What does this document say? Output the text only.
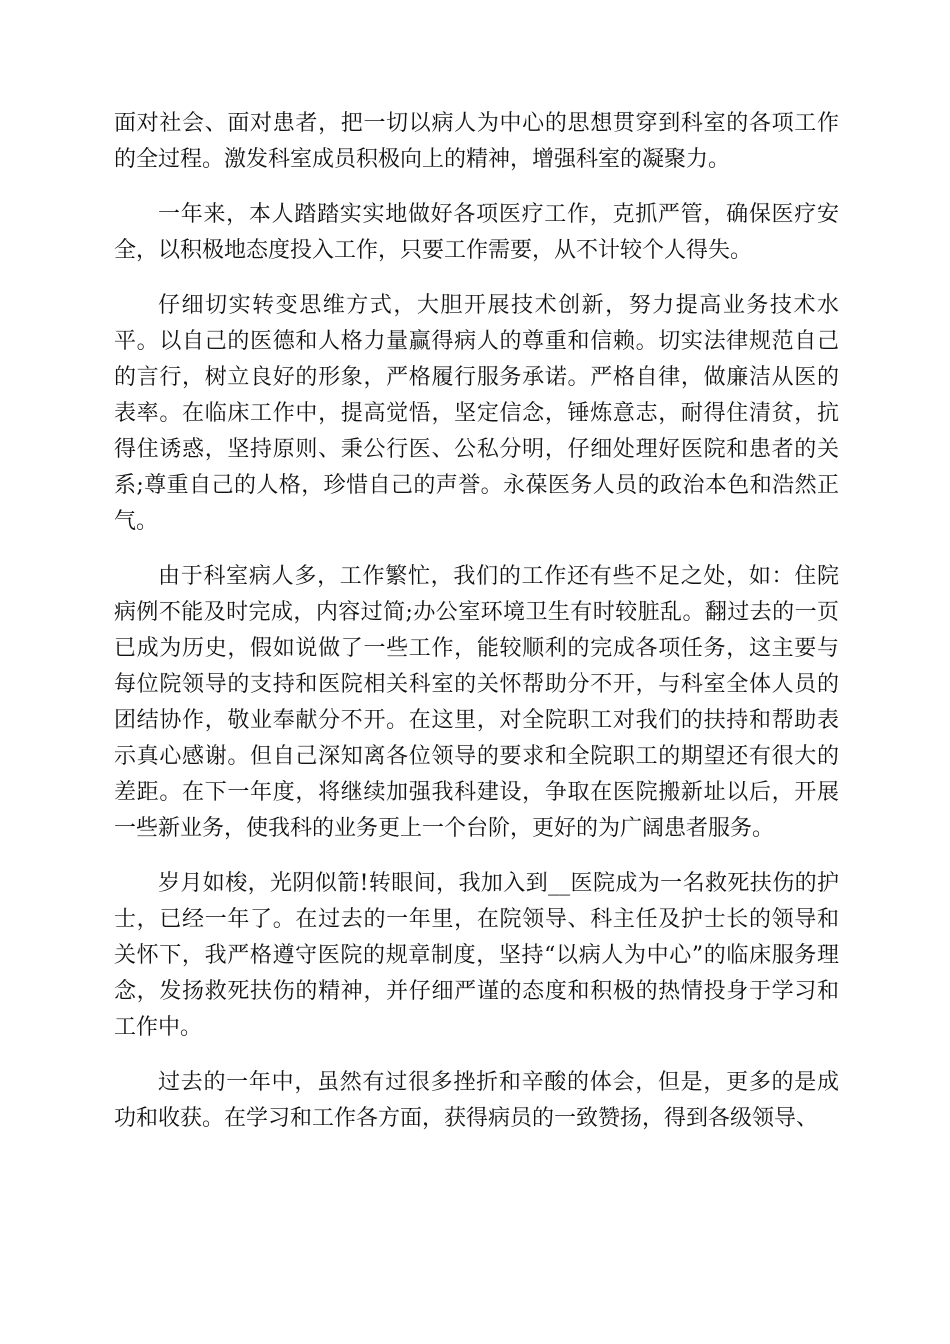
面对社会、面对患者，把一切以病人为中心的思想贯穿到科室的各项工作的全过程。激发科室成员积极向上的精神，增强科室的凝聚力。

一年来，本人踏踏实实地做好各项医疗工作，克抓严管，确保医疗安全，以积极地态度投入工作，只要工作需要，从不计较个人得失。

仔细切实转变思维方式，大胆开展技术创新，努力提高业务技术水平。以自己的医德和人格力量赢得病人的尊重和信赖。切实法律规范自己的言行，树立良好的形象，严格履行服务承诺。严格自律，做廉洁从医的表率。在临床工作中，提高觉悟，坚定信念，锤炼意志，耐得住清贫，抗得住诱惑，坚持原则、秉公行医、公私分明，仔细处理好医院和患者的关系;尊重自己的人格，珍惜自己的声誉。永葆医务人员的政治本色和浩然正气。

由于科室病人多，工作繁忙，我们的工作还有些不足之处，如：住院病例不能及时完成，内容过简;办公室环境卫生有时较脏乱。翻过去的一页已成为历史，假如说做了一些工作，能较顺利的完成各项任务，这主要与每位院领导的支持和医院相关科室的关怀帮助分不开，与科室全体人员的团结协作，敬业奉献分不开。在这里，对全院职工对我们的扶持和帮助表示真心感谢。但自己深知离各位领导的要求和全院职工的期望还有很大的差距。在下一年度，将继续加强我科建设，争取在医院搬新址以后，开展一些新业务，使我科的业务更上一个台阶，更好的为广阔患者服务。

岁月如梭，光阴似箭!转眼间，我加入到__医院成为一名救死扶伤的护士，已经一年了。在过去的一年里，在院领导、科主任及护士长的领导和关怀下，我严格遵守医院的规章制度，坚持“以病人为中心”的临床服务理念，发扬救死扶伤的精神，并仔细严谨的态度和积极的热情投身于学习和工作中。

过去的一年中，虽然有过很多挫折和辛酸的体会，但是，更多的是成功和收获。在学习和工作各方面，获得病员的一致赞扬，得到各级领导、
